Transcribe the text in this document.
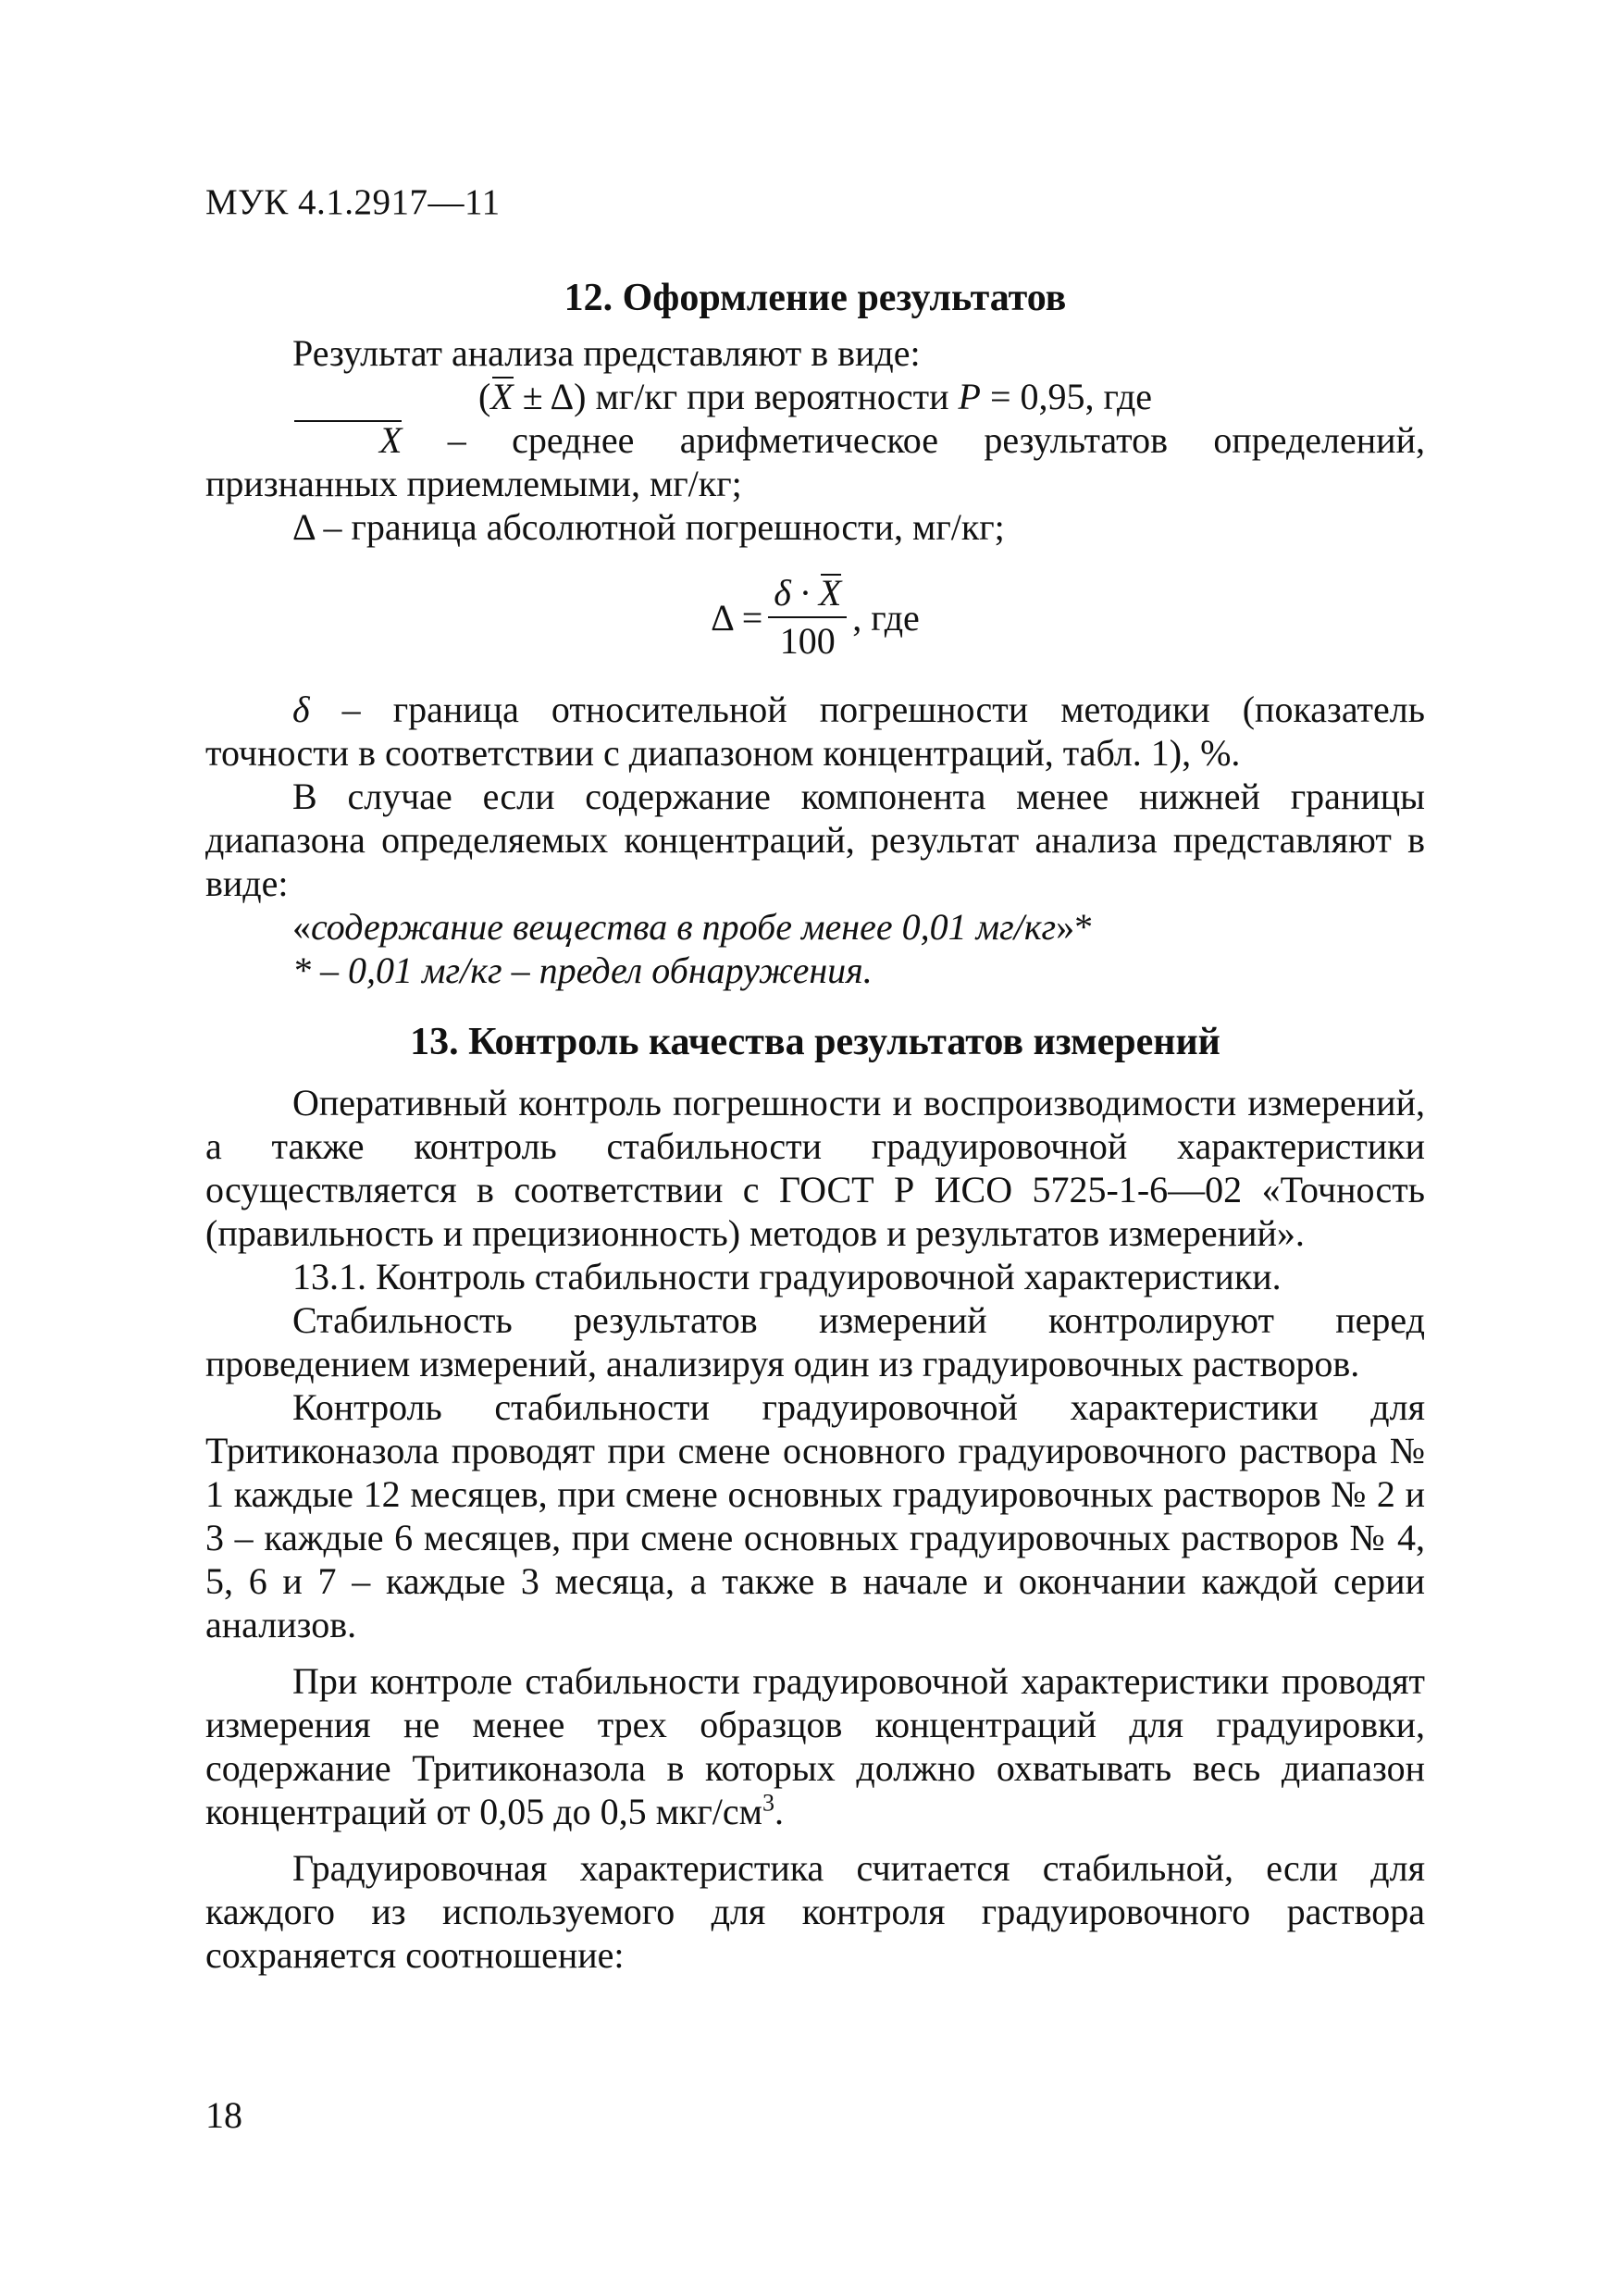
МУК 4.1.2917—11
12. Оформление результатов

Результат анализа представляют в виде:

(X ± Δ) мг/кг при вероятности P = 0,95, где

X – среднее арифметическое результатов определений, признанных приемлемыми, мг/кг;

Δ – граница абсолютной погрешности, мг/кг;

$\Delta = \frac{\delta \cdot X}{100}$ , где

δ – граница относительной погрешности методики (показатель точности в соответствии с диапазоном концентраций, табл. 1), %.

В случае если содержание компонента менее нижней границы диапазона определяемых концентраций, результат анализа представляют в виде:

«содержание вещества в пробе менее 0,01 мг/кг»*

* – 0,01 мг/кг – предел обнаружения.

13. Контроль качества результатов измерений

Оперативный контроль погрешности и воспроизводимости измерений, а также контроль стабильности градуировочной характеристики осуществляется в соответствии с ГОСТ Р ИСО 5725-1-6—02 «Точность (правильность и прецизионность) методов и результатов измерений».

13.1. Контроль стабильности градуировочной характеристики.

Стабильность результатов измерений контролируют перед проведением измерений, анализируя один из градуировочных растворов.

Контроль стабильности градуировочной характеристики для Тритиконазола проводят при смене основного градуировочного раствора № 1 каждые 12 месяцев, при смене основных градуировочных растворов № 2 и 3 – каждые 6 месяцев, при смене основных градуировочных растворов № 4, 5, 6 и 7 – каждые 3 месяца, а также в начале и окончании каждой серии анализов.

При контроле стабильности градуировочной характеристики проводят измерения не менее трех образцов концентраций для градуировки, содержание Тритиконазола в которых должно охватывать весь диапазон концентраций от 0,05 до 0,5 мкг/$см^3$.

Градуировочная характеристика считается стабильной, если для каждого из используемого для контроля градуировочного раствора сохраняется соотношение:

18
